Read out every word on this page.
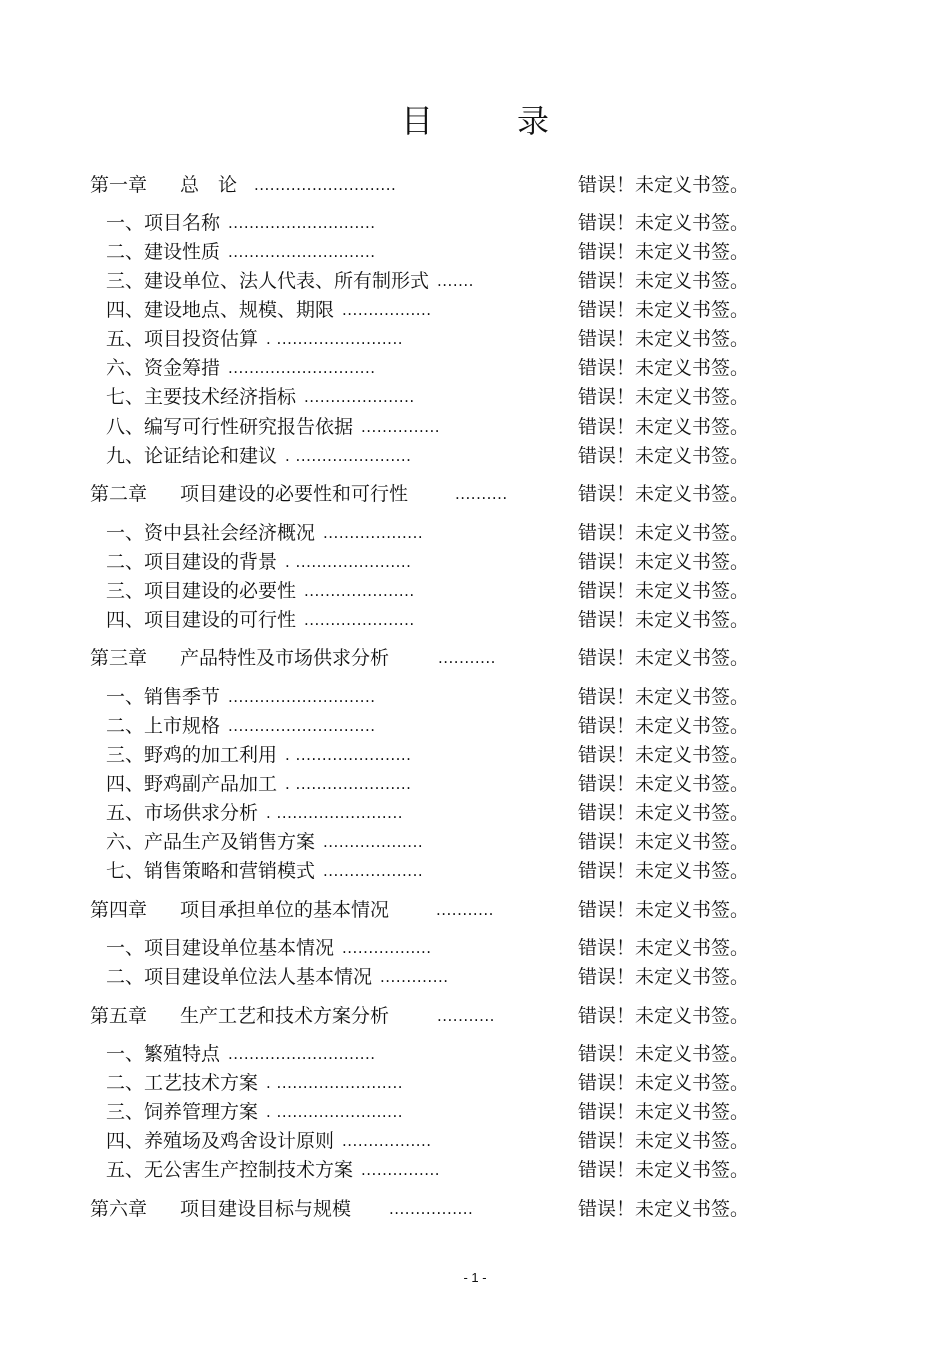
目	录
第一章 总　论 ...........................	错误！未定义书签。
一、项目名称 ............................	错误！未定义书签。
二、建设性质 ............................	错误！未定义书签。
三、建设单位、法人代表、所有制形式 .......	错误！未定义书签。
四、建设地点、规模、期限 .................	错误！未定义书签。
五、项目投资估算 . ........................	错误！未定义书签。
六、资金筹措 ............................	错误！未定义书签。
七、主要技术经济指标 .....................	错误！未定义书签。
八、编写可行性研究报告依据 ...............	错误！未定义书签。
九、论证结论和建议 . ......................	错误！未定义书签。
第二章 项目建设的必要性和可行性	..........	错误！未定义书签。
一、资中县社会经济概况 ...................	错误！未定义书签。
二、项目建设的背景 . ......................	错误！未定义书签。
三、项目建设的必要性 .....................	错误！未定义书签。
四、项目建设的可行性 .....................	错误！未定义书签。
第三章 产品特性及市场供求分析	...........	错误！未定义书签。
一、销售季节 ............................	错误！未定义书签。
二、上市规格 ............................	错误！未定义书签。
三、野鸡的加工利用 . ......................	错误！未定义书签。
四、野鸡副产品加工 . ......................	错误！未定义书签。
五、市场供求分析 . ........................	错误！未定义书签。
六、产品生产及销售方案 ...................	错误！未定义书签。
七、销售策略和营销模式 ...................	错误！未定义书签。
第四章 项目承担单位的基本情况	...........	错误！未定义书签。
一、项目建设单位基本情况 .................	错误！未定义书签。
二、项目建设单位法人基本情况 .............	错误！未定义书签。
第五章 生产工艺和技术方案分析	...........	错误！未定义书签。
一、繁殖特点 ............................	错误！未定义书签。
二、工艺技术方案 . ........................	错误！未定义书签。
三、饲养管理方案 . ........................	错误！未定义书签。
四、养殖场及鸡舍设计原则 .................	错误！未定义书签。
五、无公害生产控制技术方案 ...............	错误！未定义书签。
第六章 项目建设目标与规模	................	错误！未定义书签。
- 1 -
